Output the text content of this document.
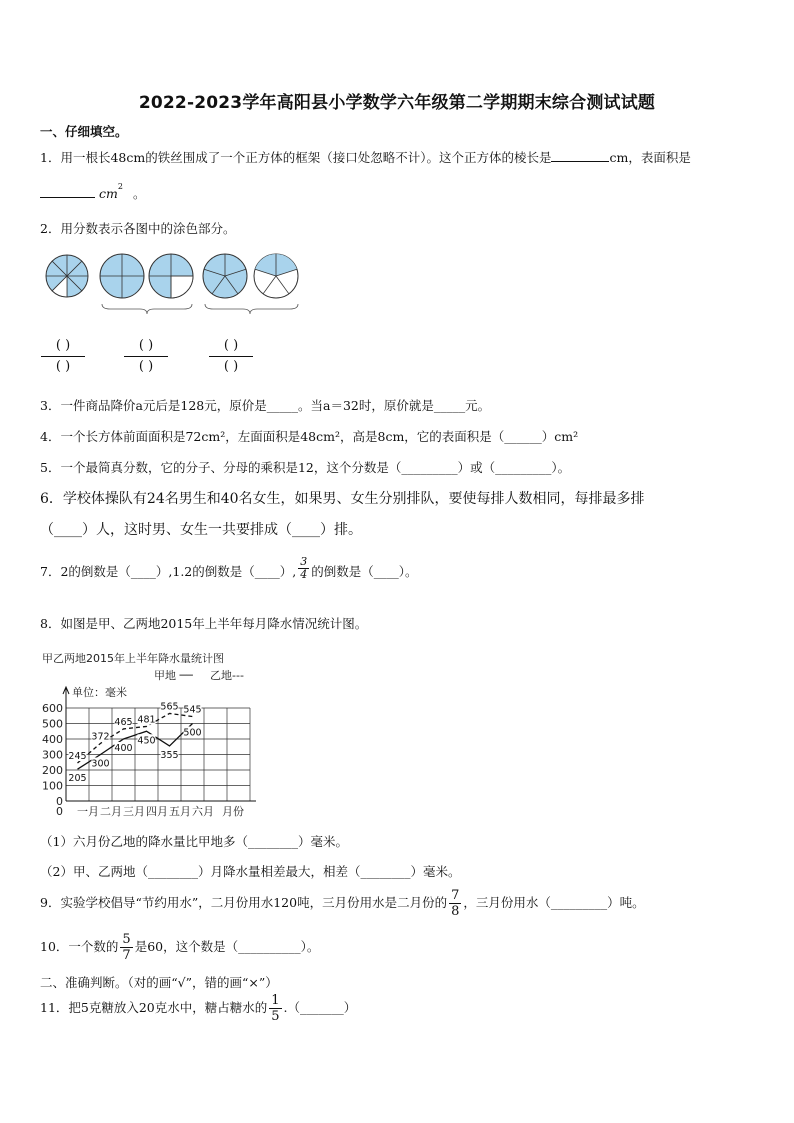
2022-2023学年高阳县小学数学六年级第二学期期末综合测试试题
一、仔细填空。
1．用一根长48cm的铁丝围成了一个正方体的框架（接口处忽略不计）。这个正方体的棱长是	cm，表面积是
$cm^2$ 。
2．用分数表示各图中的涂色部分。
( )
( )
( )
( )
( )
( )
3．一件商品降价a元后是128元，原价是_____。当a＝32时，原价就是_____元。
4．一个长方体前面面积是72cm²，左面面积是48cm²，高是8cm，它的表面积是（______）cm²
5．一个最简真分数，它的分子、分母的乘积是12，这个分数是（_________）或（_________）。
6．学校体操队有24名男生和40名女生，如果男、女生分别排队，要使每排人数相同，每排最多排
（____）人，这时男、女生一共要排成（____）排。
7．2的倒数是（____）,1.2的倒数是（____）, $\frac{3}{4}$ 的倒数是（____）。
8．如图是甲、乙两地2015年上半年每月降水情况统计图。
甲乙两地2015年上半年降水量统计图
甲地 ── 乙地---
单位：毫米
0
100
200
300
400
500
600
一月 二月 三月 四月 五月 六月 月份
0
205
300
400
450
355
500
245
372
465 481
565 545
（1）六月份乙地的降水量比甲地多（________）毫米。
（2）甲、乙两地（________）月降水量相差最大，相差（________）毫米。
9．实验学校倡导“节约用水”，二月份用水120吨，三月份用水是二月份的 $\frac{7}{8}$ ，三月份用水（_________）吨。
10．一个数的 $\frac{5}{7}$ 是60，这个数是（__________）。
二、准确判断。（对的画“√”，错的画“×”）
11．把5克糖放入20克水中，糖占糖水的 $\frac{1}{5}$ .（_______）
